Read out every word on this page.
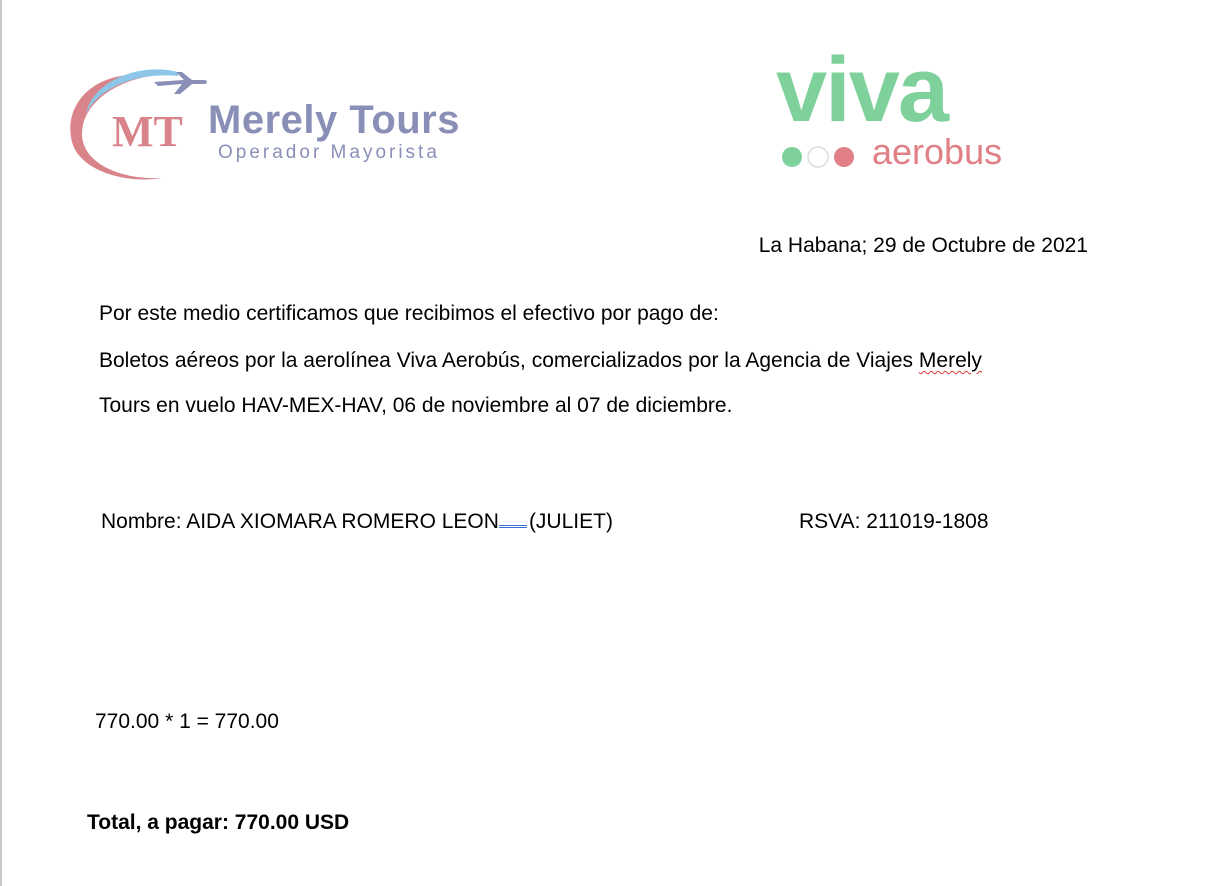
MT Merely Tours
Operador Mayorista
viva
aerobus
La Habana; 29 de Octubre de 2021
Por este medio certificamos que recibimos el efectivo por pago de:
Boletos aéreos por la aerolínea Viva Aerobús, comercializados por la Agencia de Viajes Merely
Tours en vuelo HAV-MEX-HAV, 06 de noviembre al 07 de diciembre.
Nombre: AIDA XIOMARA ROMERO LEON (JULIET)	RSVA: 211019-1808
770.00 * 1 = 770.00
Total, a pagar: 770.00 USD
